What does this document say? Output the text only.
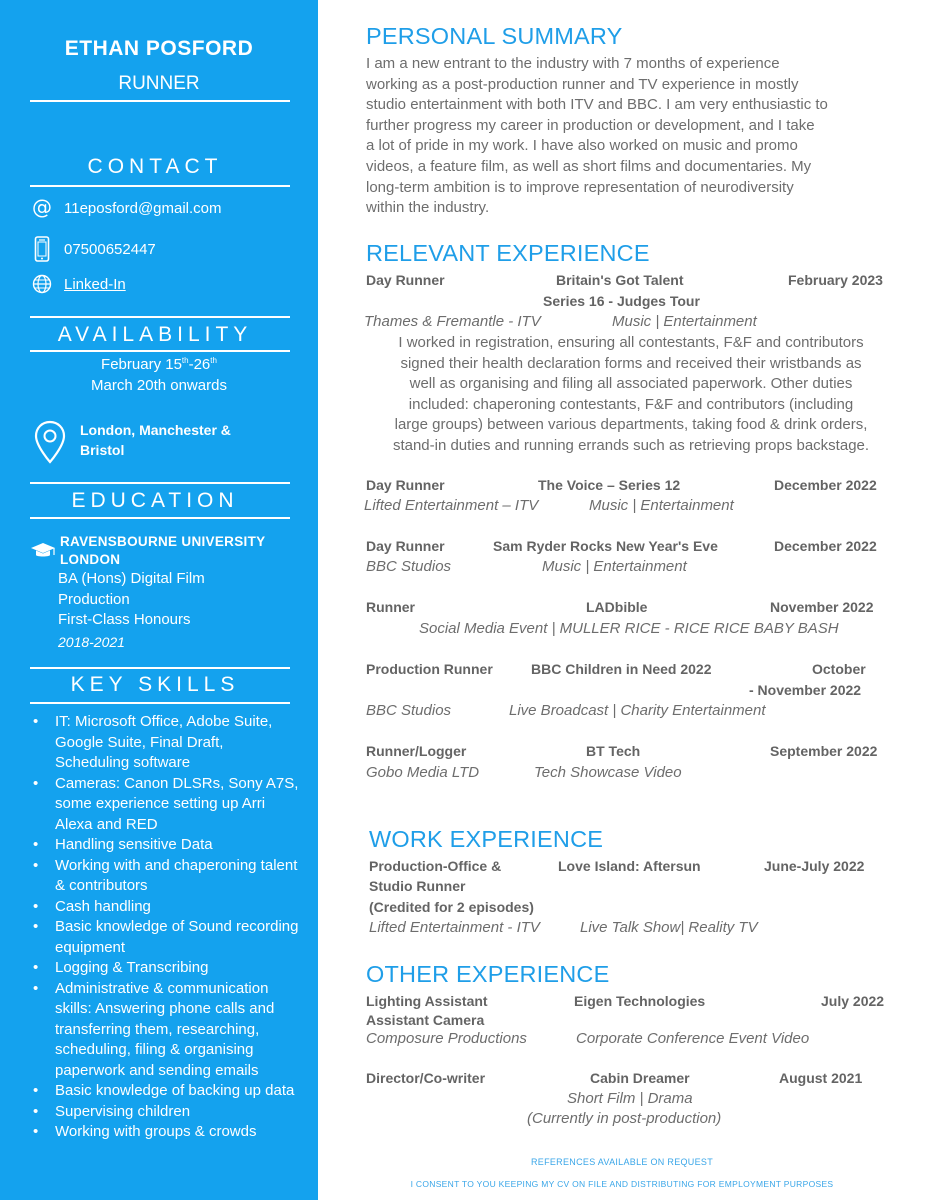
ETHAN POSFORD
RUNNER
CONTACT
@ 11eposford@gmail.com
07500652447
Linked-In
AVAILABILITY
February 15th-26th
March 20th onwards
London, Manchester &
Bristol
EDUCATION
RAVENSBOURNE UNIVERSITY
LONDON
BA (Hons) Digital Film
Production
First-Class Honours
2018-2021
KEY SKILLS
• IT: Microsoft Office, Adobe Suite, Google Suite, Final Draft, Scheduling software
• Cameras: Canon DLSRs, Sony A7S, some experience setting up Arri Alexa and RED
• Handling sensitive Data
• Working with and chaperoning talent & contributors
• Cash handling
• Basic knowledge of Sound recording equipment
• Logging & Transcribing
• Administrative & communication skills: Answering phone calls and transferring them, researching, scheduling, filing & organising paperwork and sending emails
• Basic knowledge of backing up data
• Supervising children
• Working with groups & crowds
PERSONAL SUMMARY
I am a new entrant to the industry with 7 months of experience
working as a post-production runner and TV experience in mostly
studio entertainment with both ITV and BBC. I am very enthusiastic to
further progress my career in production or development, and I take
a lot of pride in my work. I have also worked on music and promo
videos, a feature film, as well as short films and documentaries. My
long-term ambition is to improve representation of neurodiversity
within the industry.
RELEVANT EXPERIENCE
Day Runner	Britain's Got Talent	February 2023
Series 16 - Judges Tour
Thames & Fremantle - ITV	Music | Entertainment
I worked in registration, ensuring all contestants, F&F and contributors
signed their health declaration forms and received their wristbands as
well as organising and filing all associated paperwork. Other duties
included: chaperoning contestants, F&F and contributors (including
large groups) between various departments, taking food & drink orders,
stand-in duties and running errands such as retrieving props backstage.
Day Runner	The Voice – Series 12	December 2022
Lifted Entertainment – ITV	Music | Entertainment
Day Runner	Sam Ryder Rocks New Year's Eve	December 2022
BBC Studios	Music | Entertainment
Runner	LADbible	November 2022
Social Media Event | MULLER RICE - RICE RICE BABY BASH
Production Runner	BBC Children in Need 2022	October
- November 2022
BBC Studios	Live Broadcast | Charity Entertainment
Runner/Logger	BT Tech	September 2022
Gobo Media LTD	Tech Showcase Video
WORK EXPERIENCE
Production-Office &
Studio Runner
(Credited for 2 episodes)
Love Island: Aftersun	June-July 2022
Lifted Entertainment - ITV	Live Talk Show| Reality TV
OTHER EXPERIENCE
Lighting Assistant
Assistant Camera
Eigen Technologies	July 2022
Composure Productions	Corporate Conference Event Video
Director/Co-writer	Cabin Dreamer	August 2021
Short Film | Drama
(Currently in post-production)
REFERENCES AVAILABLE ON REQUEST
I CONSENT TO YOU KEEPING MY CV ON FILE AND DISTRIBUTING FOR EMPLOYMENT PURPOSES
